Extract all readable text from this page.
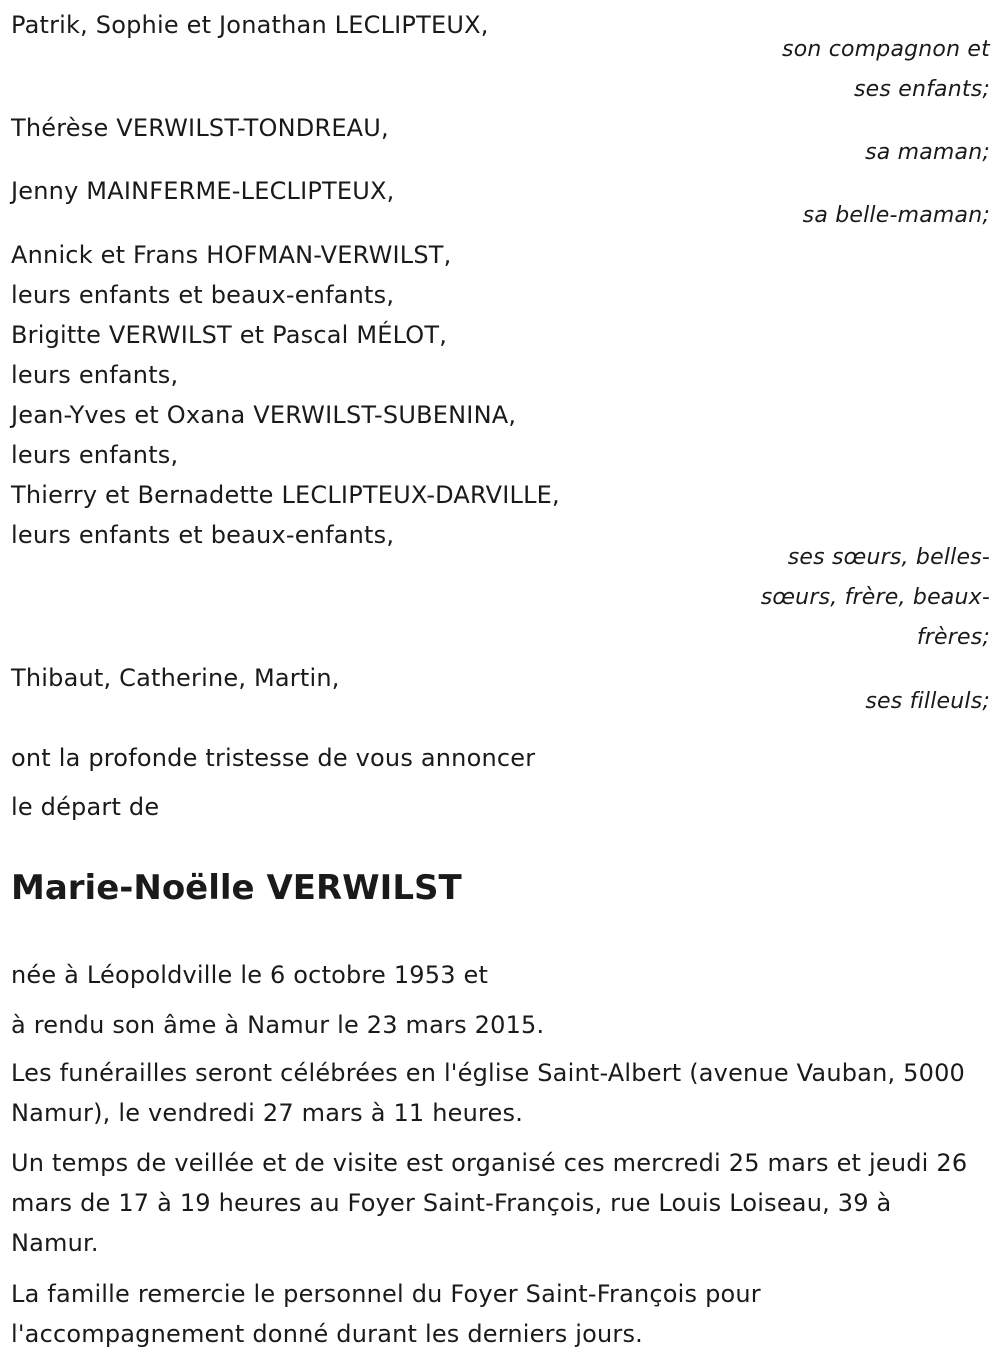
Patrik, Sophie et Jonathan LECLIPTEUX,
son compagnon et
ses enfants;
Thérèse VERWILST-TONDREAU,
sa maman;
Jenny MAINFERME-LECLIPTEUX,
sa belle-maman;
Annick et Frans HOFMAN-VERWILST,
leurs enfants et beaux-enfants,
Brigitte VERWILST et Pascal MÉLOT,
leurs enfants,
Jean-Yves et Oxana VERWILST-SUBENINA,
leurs enfants,
Thierry et Bernadette LECLIPTEUX-DARVILLE,
leurs enfants et beaux-enfants,
ses sœurs, belles-
sœurs, frère, beaux-
frères;
Thibaut, Catherine, Martin,
ses filleuls;
ont la profonde tristesse de vous annoncer
le départ de
Marie-Noëlle VERWILST
née à Léopoldville le 6 octobre 1953 et
à rendu son âme à Namur le 23 mars 2015.
Les funérailles seront célébrées en l'église Saint-Albert (avenue Vauban, 5000 Namur), le vendredi 27 mars à 11 heures.
Un temps de veillée et de visite est organisé ces mercredi 25 mars et jeudi 26 mars de 17 à 19 heures au Foyer Saint-François, rue Louis Loiseau, 39 à Namur.
La famille remercie le personnel du Foyer Saint-François pour l'accompagnement donné durant les derniers jours.
